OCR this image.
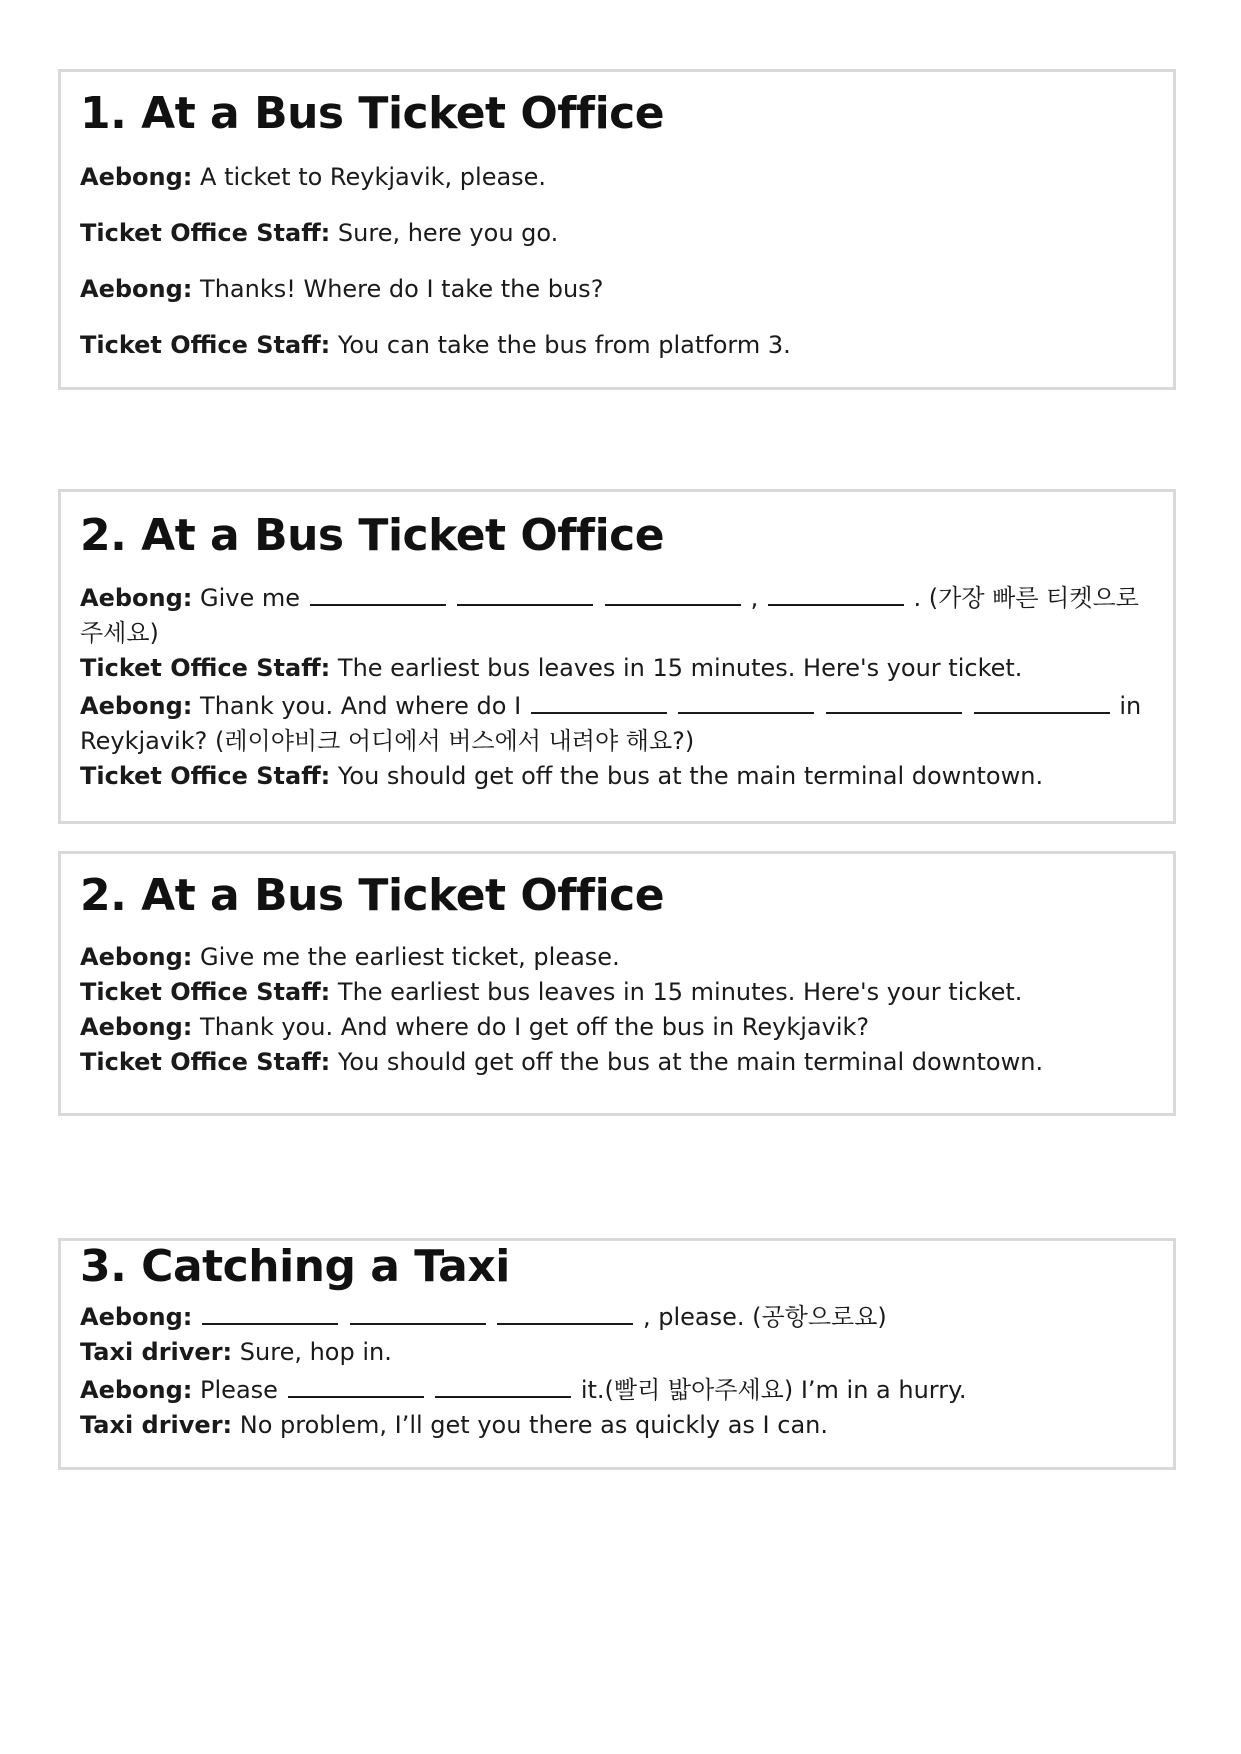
1. At a Bus Ticket Office
Aebong: A ticket to Reykjavik, please.
Ticket Office Staff: Sure, here you go.
Aebong: Thanks! Where do I take the bus?
Ticket Office Staff: You can take the bus from platform 3.
2. At a Bus Ticket Office
Aebong: Give me	,	. (가장 빠른 티켓으로 주세요)
Ticket Office Staff: The earliest bus leaves in 15 minutes. Here's your ticket.
Aebong: Thank you. And where do I	in Reykjavik? (레이야비크 어디에서 버스에서 내려야 해요?)
Ticket Office Staff: You should get off the bus at the main terminal downtown.
2. At a Bus Ticket Office
Aebong: Give me the earliest ticket, please.
Ticket Office Staff: The earliest bus leaves in 15 minutes. Here's your ticket.
Aebong: Thank you. And where do I get off the bus in Reykjavik?
Ticket Office Staff: You should get off the bus at the main terminal downtown.
3. Catching a Taxi
Aebong:	, please. (공항으로요)
Taxi driver: Sure, hop in.
Aebong: Please	it.(빨리 밟아주세요) I’m in a hurry.
Taxi driver: No problem, I’ll get you there as quickly as I can.
